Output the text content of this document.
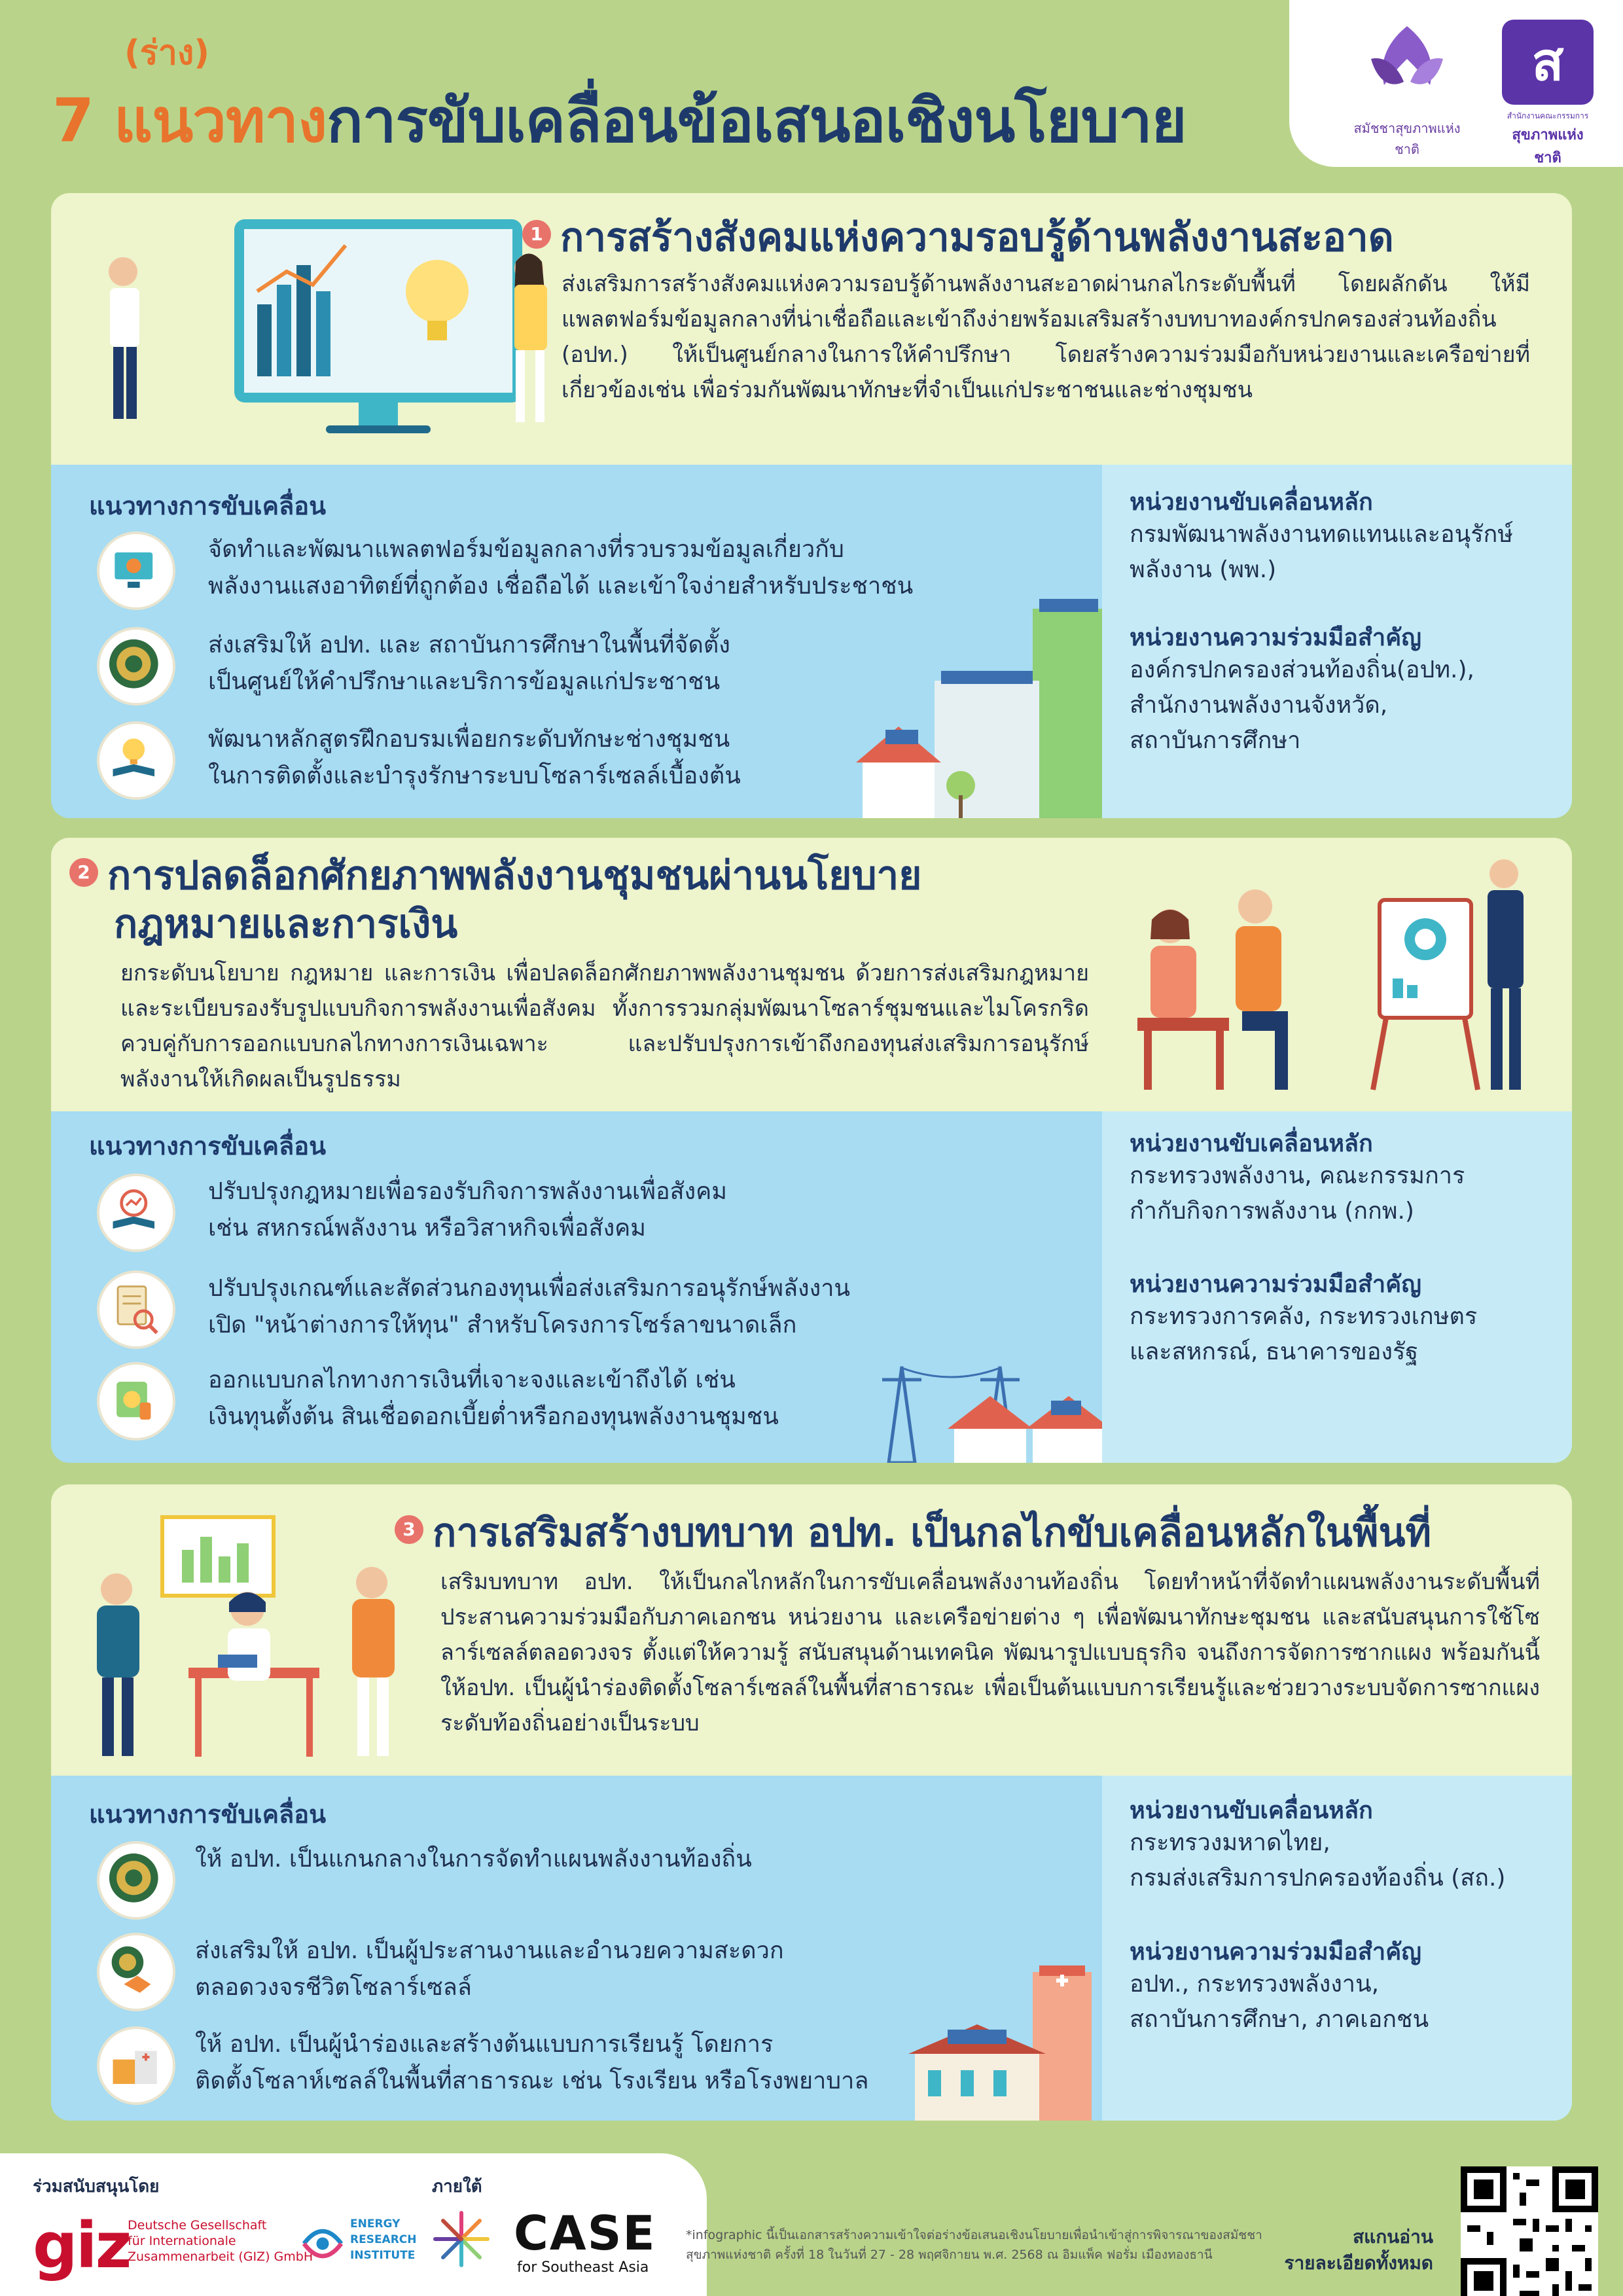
(ร่าง)
7 แนวทางการขับเคลื่อนข้อเสนอเชิงนโยบาย	สมัชชาสุขภาพแห่งชาติ
ส
สำนักงานคณะกรรมการ
สุขภาพแห่งชาติ
1 การสร้างสังคมแห่งความรอบรู้ด้านพลังงานสะอาด
ส่งเสริมการสร้างสังคมแห่งความรอบรู้ด้านพลังงานสะอาดผ่านกลไกระดับพื้นที่ โดยผลักดัน ให้มีแพลตฟอร์มข้อมูลกลางที่น่าเชื่อถือและเข้าถึงง่ายพร้อมเสริมสร้างบทบาทองค์กรปกครองส่วนท้องถิ่น (อปท.) ให้เป็นศูนย์กลางในการให้คำปรึกษา โดยสร้างความร่วมมือกับหน่วยงานและเครือข่ายที่เกี่ยวข้องเช่น เพื่อร่วมกันพัฒนาทักษะที่จำเป็นแก่ประชาชนและช่างชุมชน
แนวทางการขับเคลื่อน
จัดทำและพัฒนาแพลตฟอร์มข้อมูลกลางที่รวบรวมข้อมูลเกี่ยวกับ
พลังงานแสงอาทิตย์ที่ถูกต้อง เชื่อถือได้ และเข้าใจง่ายสำหรับประชาชน
ส่งเสริมให้ อปท. และ สถาบันการศึกษาในพื้นที่จัดตั้ง
เป็นศูนย์ให้คำปรึกษาและบริการข้อมูลแก่ประชาชน
พัฒนาหลักสูตรฝึกอบรมเพื่อยกระดับทักษะช่างชุมชน
ในการติดตั้งและบำรุงรักษาระบบโซลาร์เซลล์เบื้องต้น
หน่วยงานขับเคลื่อนหลัก
กรมพัฒนาพลังงานทดแทนและอนุรักษ์
พลังงาน (พพ.)
หน่วยงานความร่วมมือสำคัญ
องค์กรปกครองส่วนท้องถิ่น(อปท.),
สำนักงานพลังงานจังหวัด,
สถาบันการศึกษา
2 การปลดล็อกศักยภาพพลังงานชุมชนผ่านนโยบาย
กฎหมายและการเงิน
ยกระดับนโยบาย กฎหมาย และการเงิน เพื่อปลดล็อกศักยภาพพลังงานชุมชน ด้วยการส่งเสริมกฎหมายและระเบียบรองรับรูปแบบกิจการพลังงานเพื่อสังคม ทั้งการรวมกลุ่มพัฒนาโซลาร์ชุมชนและไมโครกริด ควบคู่กับการออกแบบกลไกทางการเงินเฉพาะ และปรับปรุงการเข้าถึงกองทุนส่งเสริมการอนุรักษ์พลังงานให้เกิดผลเป็นรูปธรรม
แนวทางการขับเคลื่อน
ปรับปรุงกฎหมายเพื่อรองรับกิจการพลังงานเพื่อสังคม
เช่น สหกรณ์พลังงาน หรือวิสาหกิจเพื่อสังคม
ปรับปรุงเกณฑ์และสัดส่วนกองทุนเพื่อส่งเสริมการอนุรักษ์พลังงาน
เปิด "หน้าต่างการให้ทุน" สำหรับโครงการโซร์ลาขนาดเล็ก
ออกแบบกลไกทางการเงินที่เจาะจงและเข้าถึงได้ เช่น
เงินทุนตั้งต้น สินเชื่อดอกเบี้ยต่ำหรือกองทุนพลังงานชุมชน
หน่วยงานขับเคลื่อนหลัก
กระทรวงพลังงาน, คณะกรรมการ
กำกับกิจการพลังงาน (กกพ.)
หน่วยงานความร่วมมือสำคัญ
กระทรวงการคลัง, กระทรวงเกษตร
และสหกรณ์, ธนาคารของรัฐ
3 การเสริมสร้างบทบาท อปท. เป็นกลไกขับเคลื่อนหลักในพื้นที่
เสริมบทบาท อปท. ให้เป็นกลไกหลักในการขับเคลื่อนพลังงานท้องถิ่น โดยทำหน้าที่จัดทำแผนพลังงานระดับพื้นที่ ประสานความร่วมมือกับภาคเอกชน หน่วยงาน และเครือข่ายต่าง ๆ เพื่อพัฒนาทักษะชุมชน และสนับสนุนการใช้โซลาร์เซลล์ตลอดวงจร ตั้งแต่ให้ความรู้ สนับสนุนด้านเทคนิค พัฒนารูปแบบธุรกิจ จนถึงการจัดการซากแผง พร้อมกันนี้ ให้อปท. เป็นผู้นำร่องติดตั้งโซลาร์เซลล์ในพื้นที่สาธารณะ เพื่อเป็นต้นแบบการเรียนรู้และช่วยวางระบบจัดการซากแผงระดับท้องถิ่นอย่างเป็นระบบ
แนวทางการขับเคลื่อน
ให้ อปท. เป็นแกนกลางในการจัดทำแผนพลังงานท้องถิ่น
ส่งเสริมให้ อปท. เป็นผู้ประสานงานและอำนวยความสะดวก
ตลอดวงจรชีวิตโซลาร์เซลล์
ให้ อปท. เป็นผู้นำร่องและสร้างต้นแบบการเรียนรู้ โดยการ
ติดตั้งโซลาห์เซลล์ในพื้นที่สาธารณะ เช่น โรงเรียน หรือโรงพยาบาล
หน่วยงานขับเคลื่อนหลัก
กระทรวงมหาดไทย,
กรมส่งเสริมการปกครองท้องถิ่น (สถ.)
หน่วยงานความร่วมมือสำคัญ
อปท., กระทรวงพลังงาน,
สถาบันการศึกษา, ภาคเอกชน
ร่วมสนับสนุนโดย	ภายใต้
giz
Deutsche Gesellschaft
für Internationale
Zusammenarbeit (GIZ) GmbH
ENERGY
RESEARCH
INSTITUTE CASE
for Southeast Asia
*infographic นี้เป็นเอกสารสร้างความเข้าใจต่อร่างข้อเสนอเชิงนโยบายเพื่อนำเข้าสู่การพิจารณาของสมัชชาสุขภาพแห่งชาติ ครั้งที่ 18 ในวันที่ 27 - 28 พฤศจิกายน พ.ศ. 2568 ณ อิมแพ็ค ฟอรั่ม เมืองทองธานี
สแกนอ่าน
รายละเอียดทั้งหมด
